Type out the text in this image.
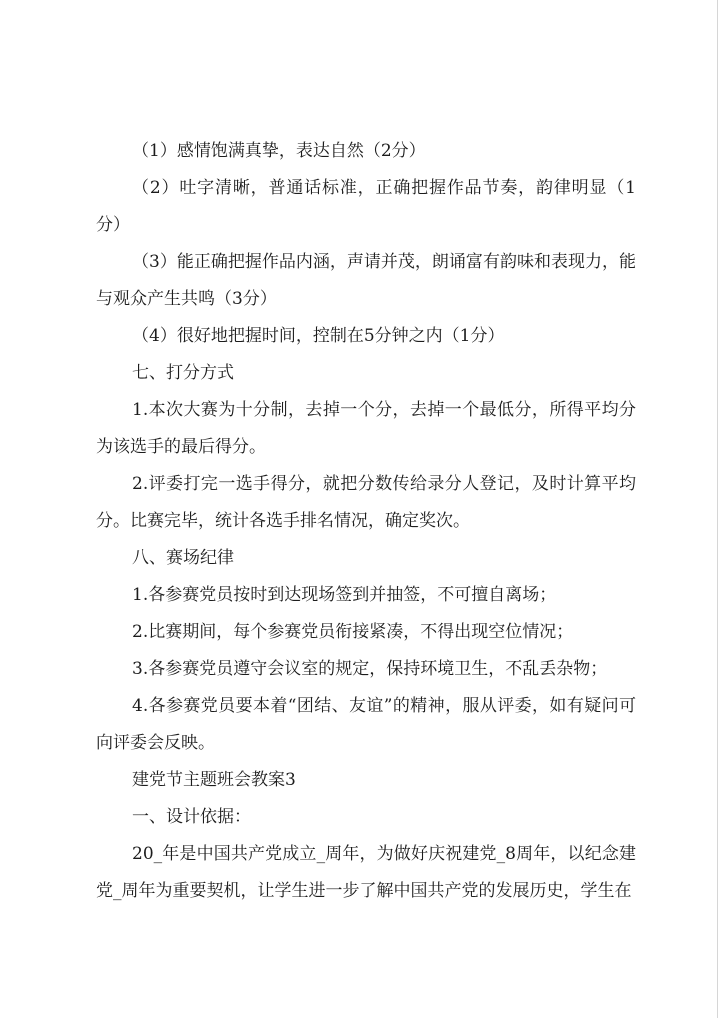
（1）感情饱满真挚，表达自然（2分）

（2）吐字清晰，普通话标准，正确把握作品节奏，韵律明显（1分）

（3）能正确把握作品内涵，声请并茂，朗诵富有韵味和表现力，能与观众产生共鸣（3分）

（4）很好地把握时间，控制在5分钟之内（1分）

七、打分方式

1.本次大赛为十分制，去掉一个分，去掉一个最低分，所得平均分为该选手的最后得分。

2.评委打完一选手得分，就把分数传给录分人登记，及时计算平均分。比赛完毕，统计各选手排名情况，确定奖次。

八、赛场纪律

1.各参赛党员按时到达现场签到并抽签，不可擅自离场；

2.比赛期间，每个参赛党员衔接紧凑，不得出现空位情况；

3.各参赛党员遵守会议室的规定，保持环境卫生，不乱丢杂物；

4.各参赛党员要本着“团结、友谊”的精神，服从评委，如有疑问可向评委会反映。

建党节主题班会教案3

一、设计依据：

20_年是中国共产党成立_周年，为做好庆祝建党_8周年，以纪念建党_周年为重要契机，让学生进一步了解中国共产党的发展历史，学生在
